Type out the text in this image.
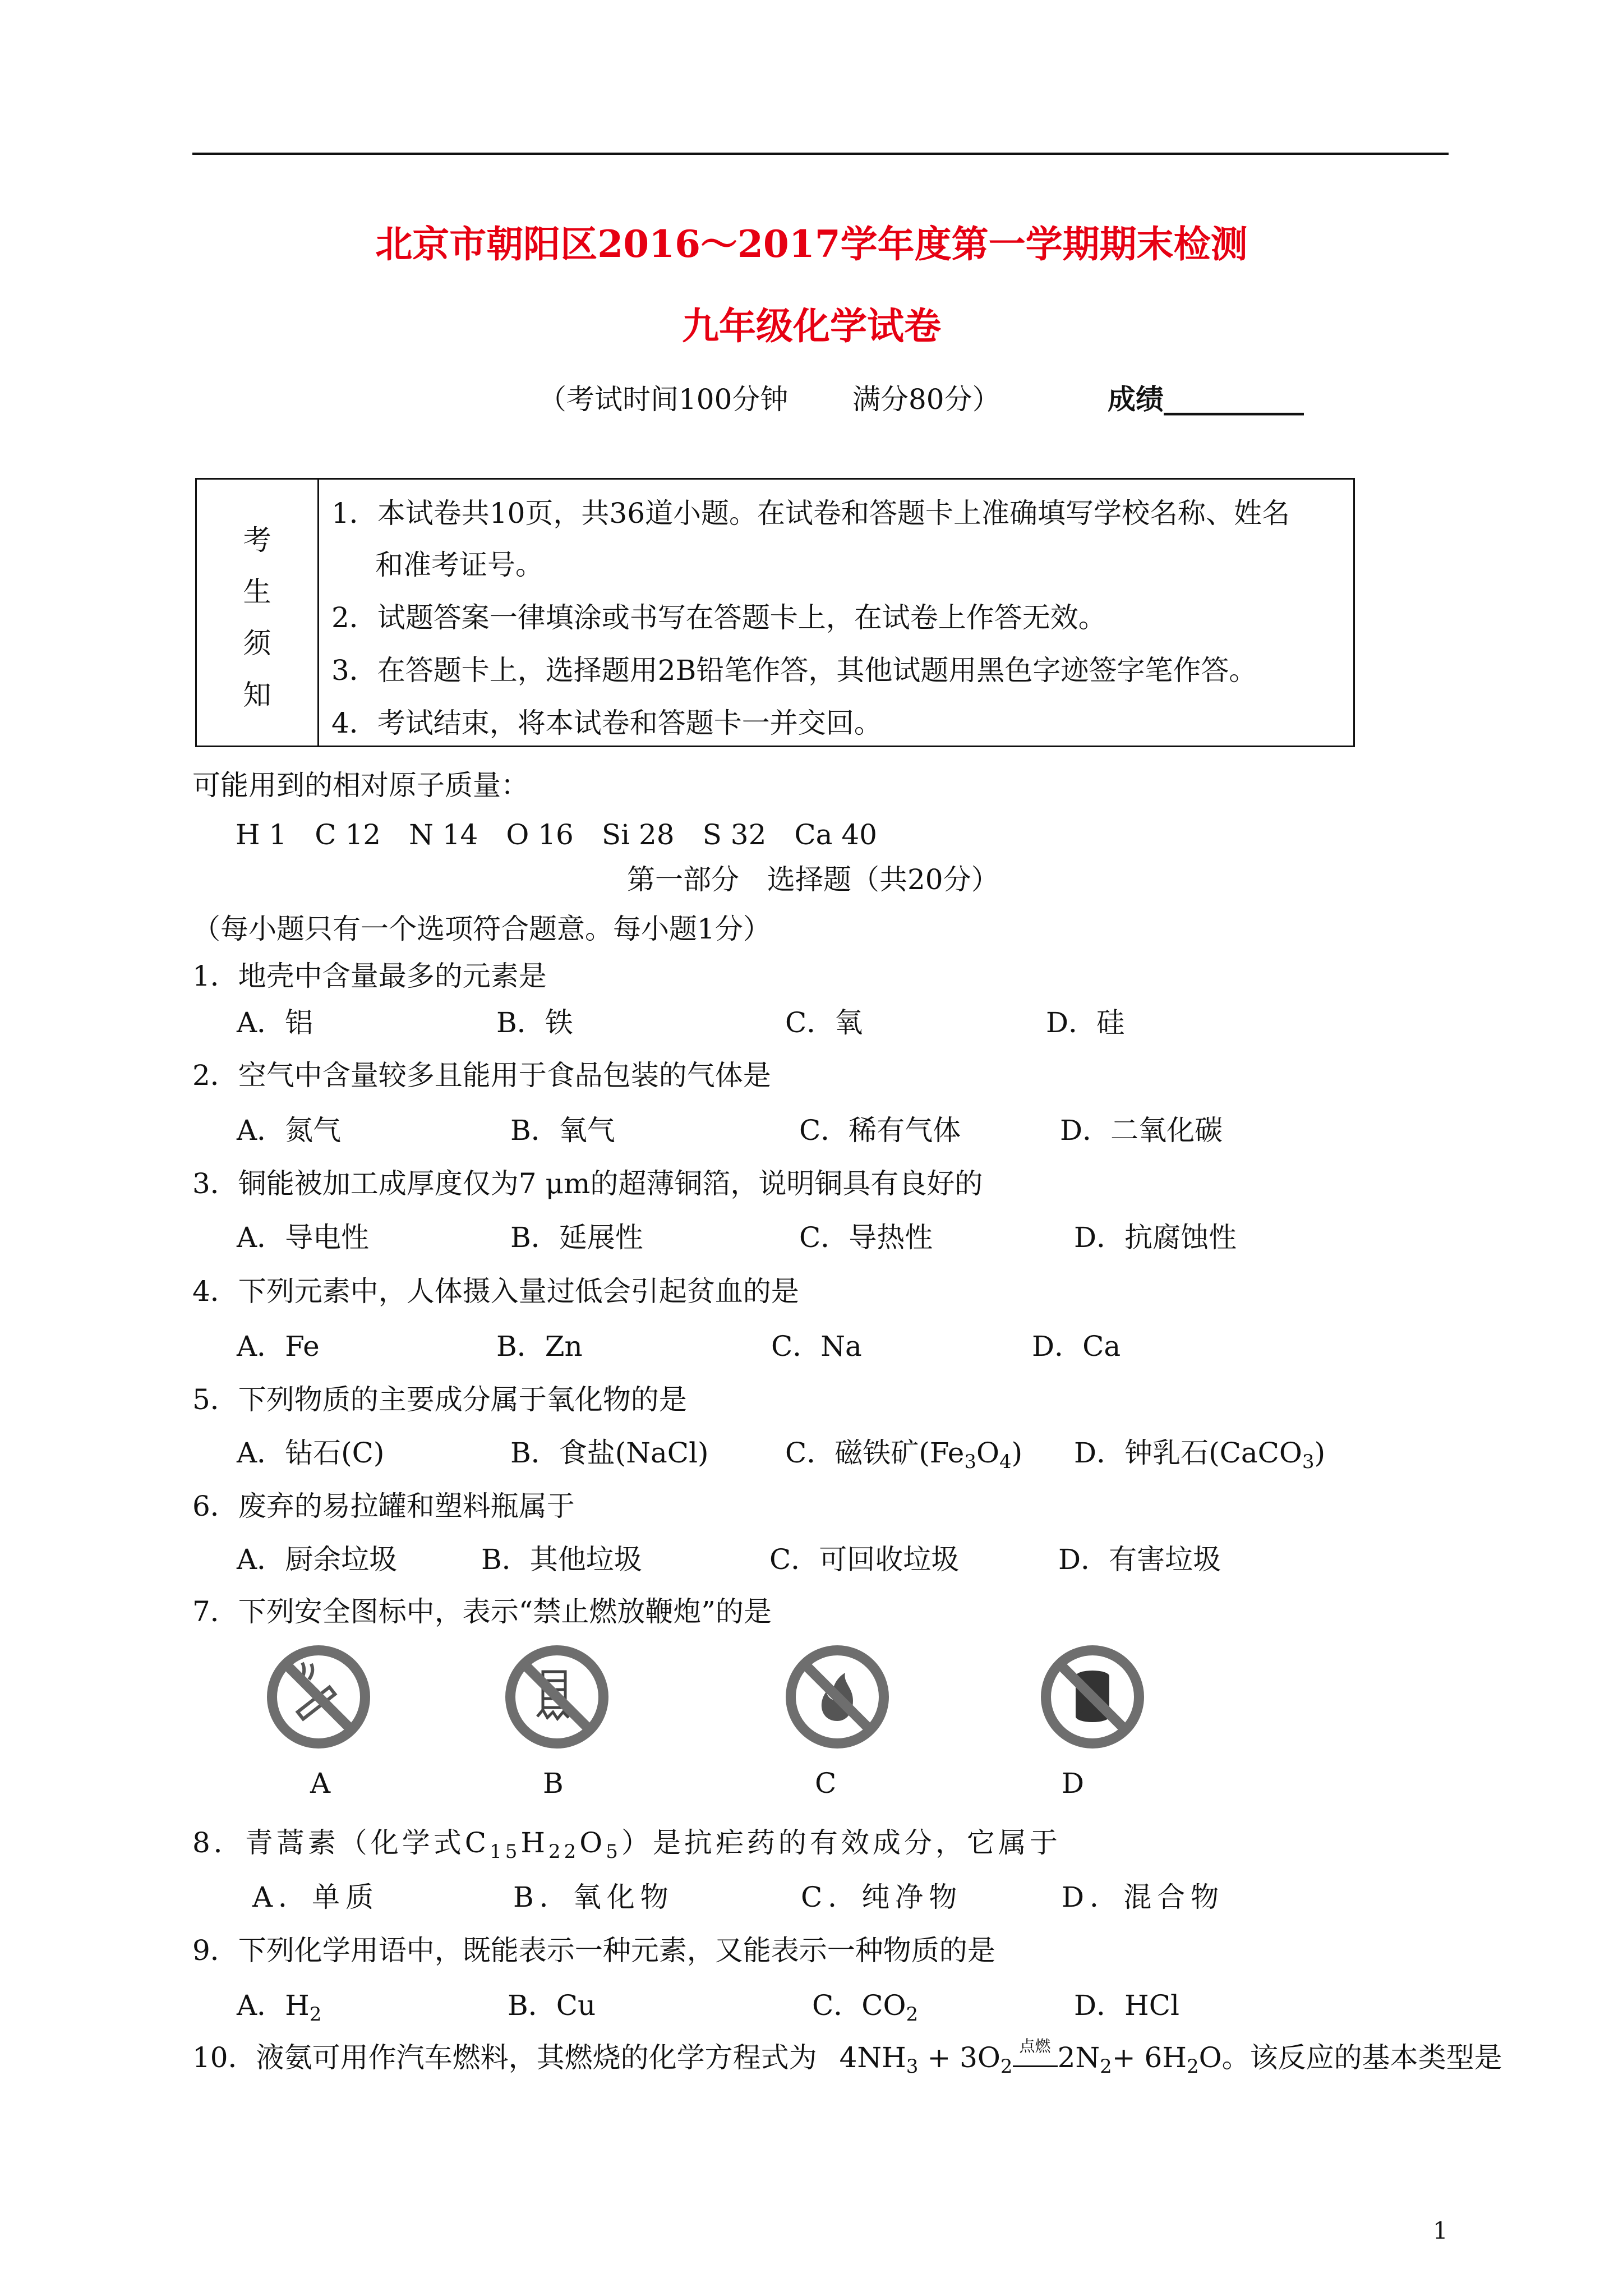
北京市朝阳区2016～2017学年度第一学期期末检测
九年级化学试卷
（考试时间100分钟 满分80分）	成绩__________
考
生
须
知
1．本试卷共10页，共36道小题。在试卷和答题卡上准确填写学校名称、姓名
和准考证号。
2．试题答案一律填涂或书写在答题卡上，在试卷上作答无效。
3．在答题卡上，选择题用2B铅笔作答，其他试题用黑色字迹签字笔作答。
4．考试结束，将本试卷和答题卡一并交回。
可能用到的相对原子质量：
H 1　C 12　N 14　O 16　Si 28　S 32　Ca 40
第一部分　选择题（共20分）
（每小题只有一个选项符合题意。每小题1分）
1．地壳中含量最多的元素是
A．铝	B．铁	C．氧	D．硅
2．空气中含量较多且能用于食品包装的气体是
A．氮气	B．氧气	C．稀有气体	D．二氧化碳
3．铜能被加工成厚度仅为7 μm的超薄铜箔，说明铜具有良好的
A．导电性	B．延展性	C．导热性	D．抗腐蚀性
4．下列元素中，人体摄入量过低会引起贫血的是
A．Fe	B．Zn	C．Na	D．Ca
5．下列物质的主要成分属于氧化物的是
A．钻石(C)	B．食盐(NaCl)	C．磁铁矿$(Fe_3O_4)$ D．钟乳石(CaCO$_3$)
6．废弃的易拉罐和塑料瓶属于
A．厨余垃圾	B．其他垃圾	C．可回收垃圾	D．有害垃圾
7．下列安全图标中，表示“禁止燃放鞭炮”的是
A	B	C	D
8．青蒿素（化学式$C_{15}H_{22}O_5$）是抗疟药的有效成分，它属于
A．单质	B．氧化物	C．纯净物	D．混合物
9．下列化学用语中，既能表示一种元素，又能表示一种物质的是
A．$H_2$	B．Cu	C．$CO_2$	D．HCl
10．液氨可用作汽车燃料，其燃烧的化学方程式为 $4NH_3 + 3O_2$
点燃 $2N_2+ 6H_2O$。该反应的基本类型是
1
